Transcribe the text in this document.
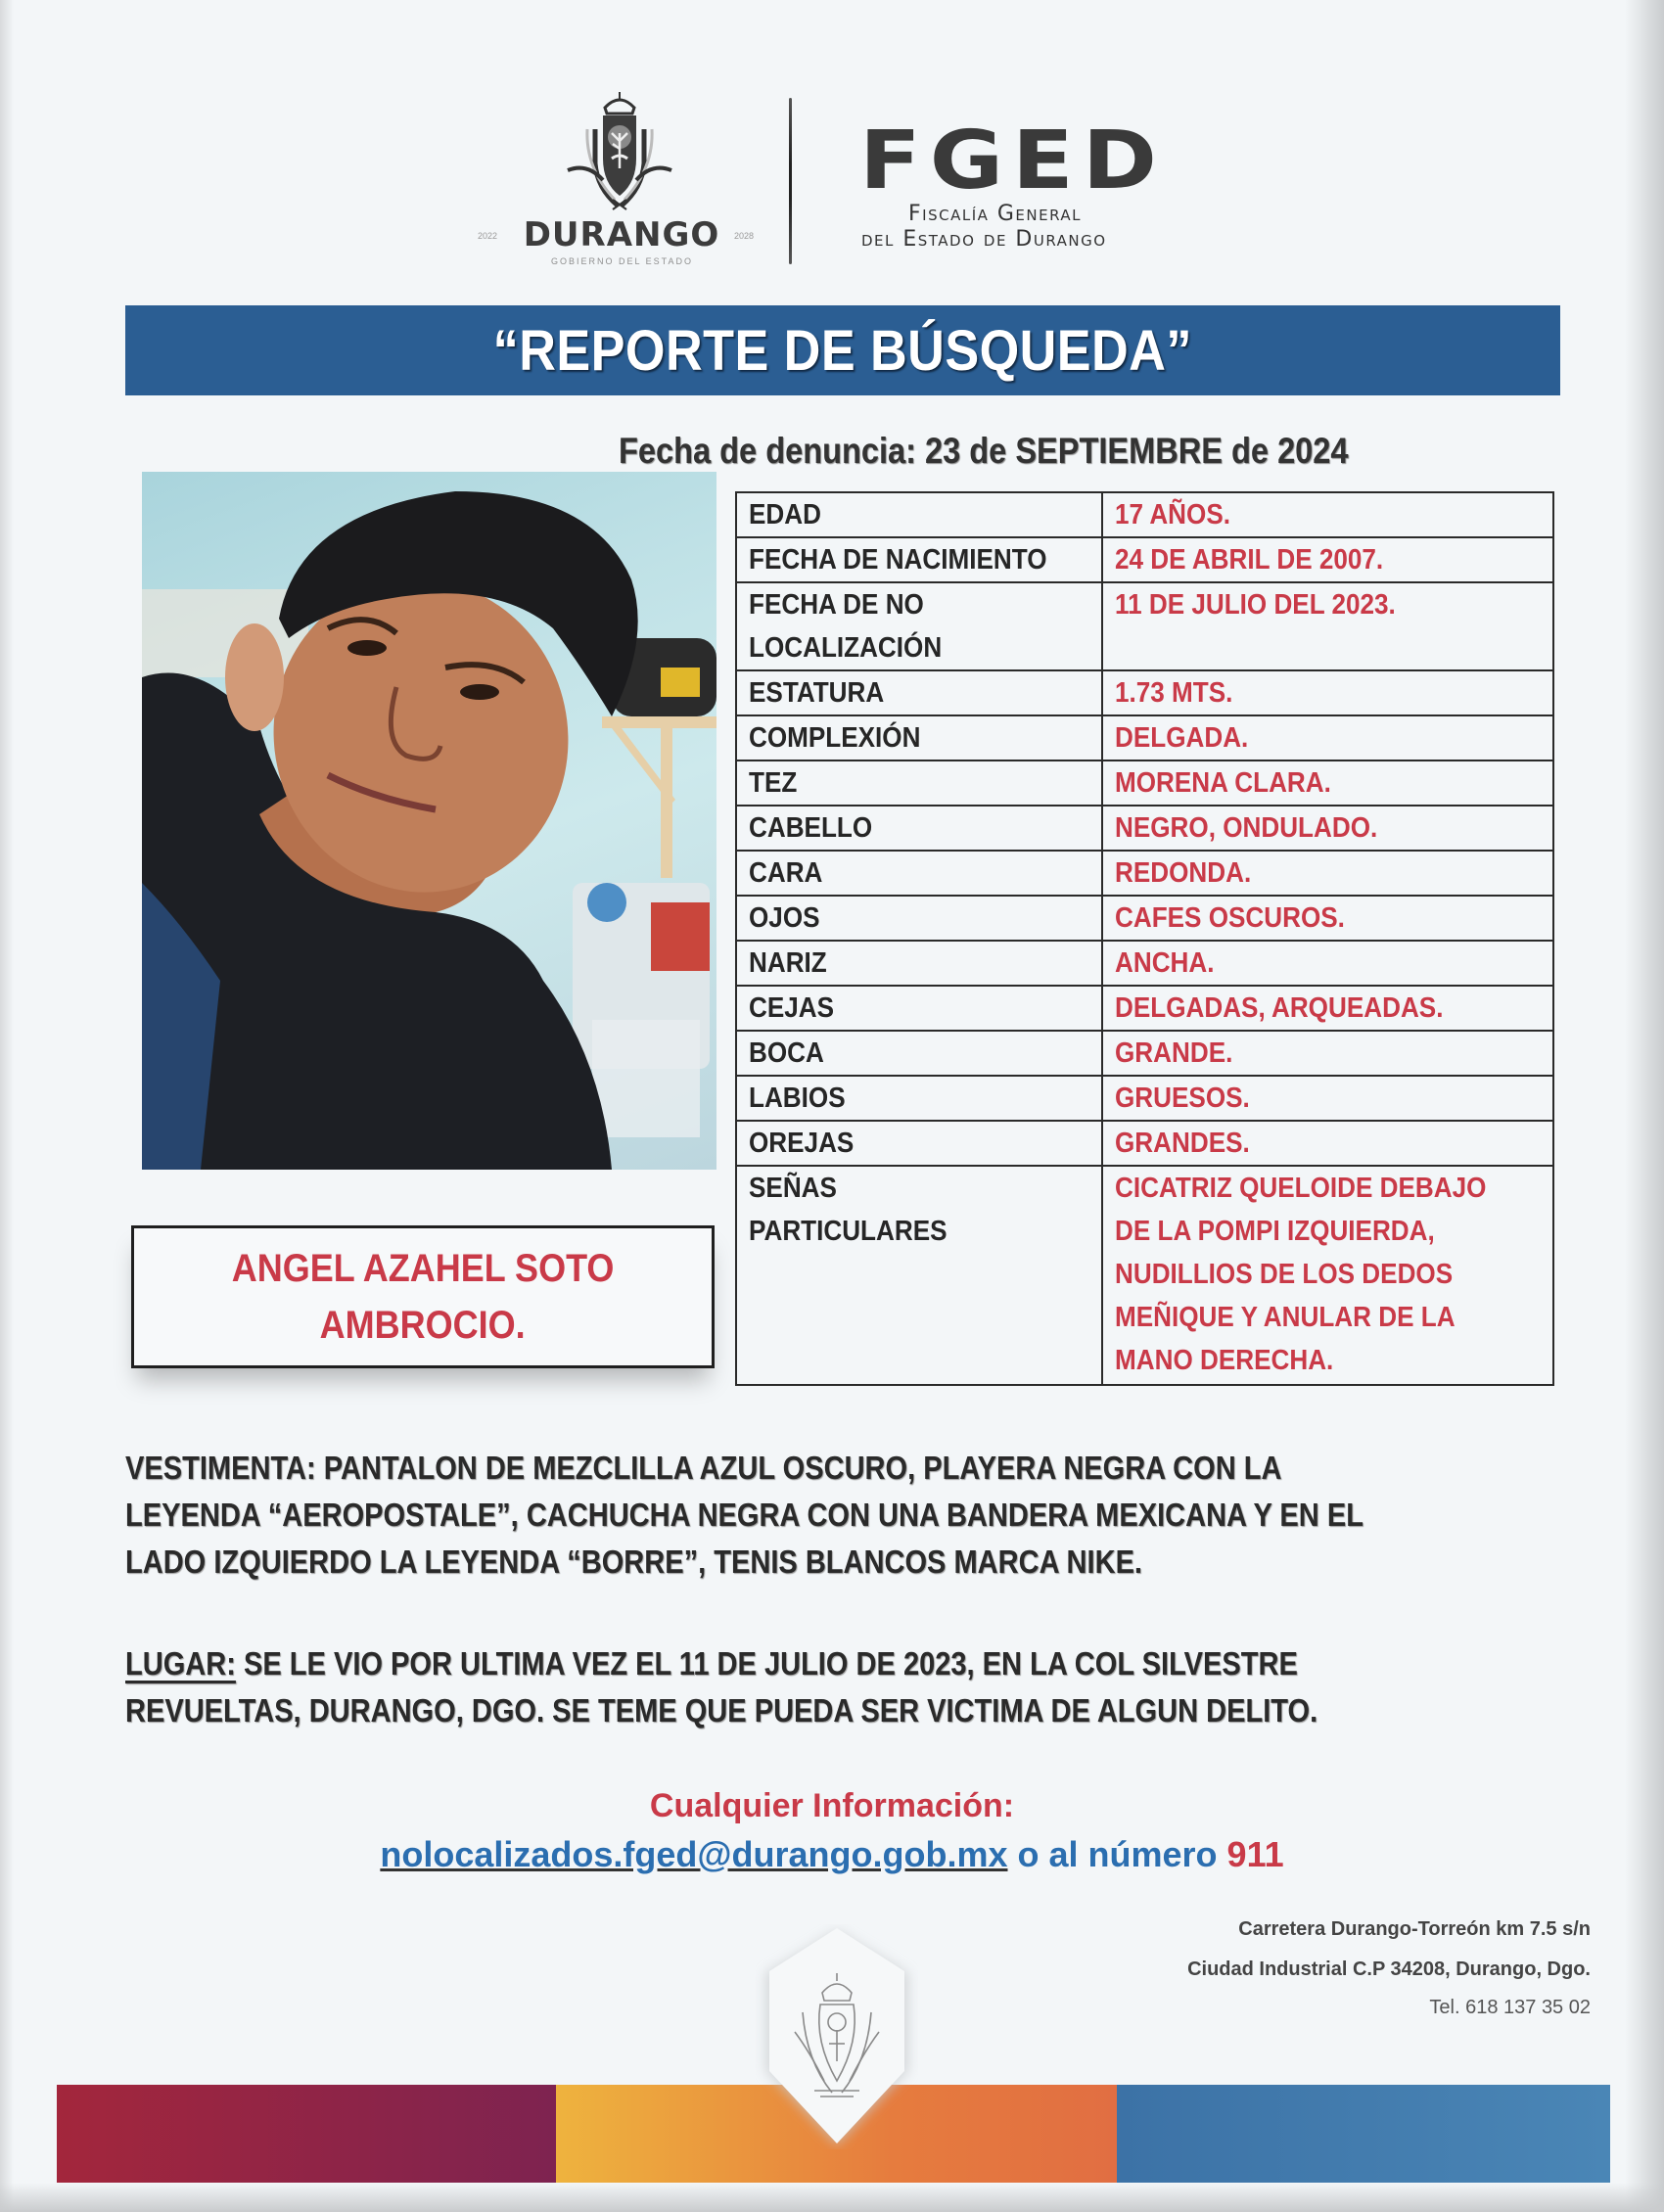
2022 DURANGO	2028
GOBIERNO DEL ESTADO
FGED
Fiscalía General
del Estado de Durango
“REPORTE DE BÚSQUEDA”
Fecha de denuncia: 23 de SEPTIEMBRE de 2024
ANGEL AZAHEL SOTO
AMBROCIO.
EDAD	17 AÑOS.
FECHA DE NACIMIENTO	24 DE ABRIL DE 2007.
FECHA DE NO
LOCALIZACIÓN	11 DE JULIO DEL 2023.
ESTATURA	1.73 MTS.
COMPLEXIÓN	DELGADA.
TEZ	MORENA CLARA.
CABELLO	NEGRO, ONDULADO.
CARA	REDONDA.
OJOS	CAFES OSCUROS.
NARIZ	ANCHA.
CEJAS	DELGADAS, ARQUEADAS.
BOCA	GRANDE.
LABIOS	GRUESOS.
OREJAS	GRANDES.
SEÑAS
PARTICULARES	CICATRIZ QUELOIDE DEBAJO
DE LA POMPI IZQUIERDA,
NUDILLIOS DE LOS DEDOS
MEÑIQUE Y ANULAR DE LA
MANO DERECHA.
VESTIMENTA: PANTALON DE MEZCLILLA AZUL OSCURO, PLAYERA NEGRA CON LA
LEYENDA “AEROPOSTALE”, CACHUCHA NEGRA CON UNA BANDERA MEXICANA Y EN EL
LADO IZQUIERDO LA LEYENDA “BORRE”, TENIS BLANCOS MARCA NIKE.
LUGAR: SE LE VIO POR ULTIMA VEZ EL 11 DE JULIO DE 2023, EN LA COL SILVESTRE
REVUELTAS, DURANGO, DGO. SE TEME QUE PUEDA SER VICTIMA DE ALGUN DELITO.
Cualquier Información:
nolocalizados.fged@durango.gob.mx o al número 911
Carretera Durango-Torreón km 7.5 s/n
Ciudad Industrial C.P 34208, Durango, Dgo.
Tel. 618 137 35 02
